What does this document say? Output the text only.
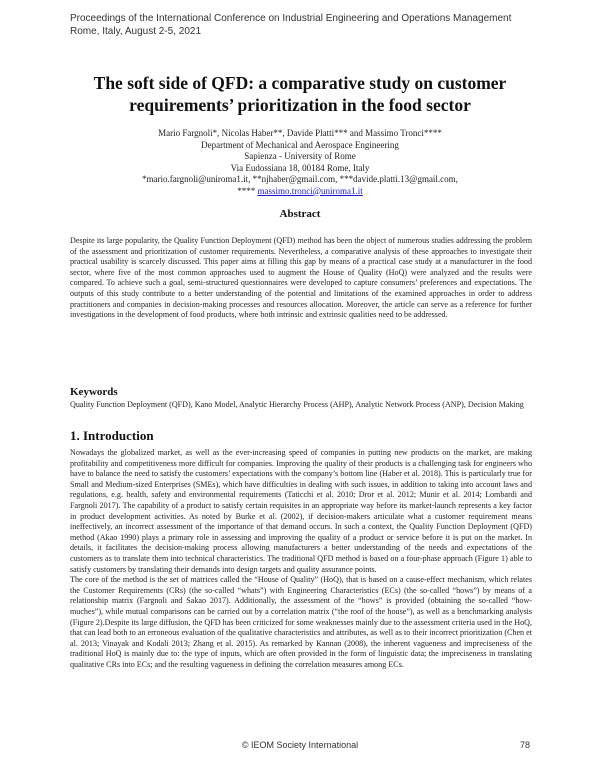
Proceedings of the International Conference on Industrial Engineering and Operations Management
Rome, Italy, August 2-5, 2021
The soft side of QFD: a comparative study on customer
requirements’ prioritization in the food sector
Mario Fargnoli*, Nicolas Haber**, Davide Platti*** and Massimo Tronci****
Department of Mechanical and Aerospace Engineering
Sapienza - University of Rome
Via Eudossiana 18, 00184 Rome, Italy
*mario.fargnoli@uniroma1.it, **njhaber@gmail.com, ***davide.platti.13@gmail.com,
**** massimo.tronci@uniroma1.it
Abstract

Despite its large popularity, the Quality Function Deployment (QFD) method has been the object of numerous studies addressing the problem of the assessment and prioritization of customer requirements. Nevertheless, a comparative analysis of these approaches to investigate their practical usability is scarcely discussed. This paper aims at filling this gap by means of a practical case study at a manufacturer in the food sector, where five of the most common approaches used to augment the House of Quality (HoQ) were analyzed and the results were compared. To achieve such a goal, semi-structured questionnaires were developed to capture consumers’ preferences and expectations. The outputs of this study contribute to a better understanding of the potential and limitations of the examined approaches in order to address practitioners and companies in decision-making processes and resources allocation. Moreover, the article can serve as a reference for further investigations in the development of food products, where both intrinsic and extrinsic qualities need to be addressed.

Keywords

Quality Function Deployment (QFD), Kano Model, Analytic Hierarchy Process (AHP), Analytic Network Process (ANP), Decision Making

1. Introduction

Nowadays the globalized market, as well as the ever-increasing speed of companies in putting new products on the market, are making profitability and competitiveness more difficult for companies. Improving the quality of their products is a challenging task for engineers who have to balance the need to satisfy the customers’ expectations with the company’s bottom line (Haber et al. 2018). This is particularly true for Small and Medium-sized Enterprises (SMEs), which have difficulties in dealing with such issues, in addition to taking into account laws and regulations, e.g. health, safety and environmental requirements (Taticchi et al. 2010; Dror et al. 2012; Munir et al. 2014; Lombardi and Fargnoli 2017). The capability of a product to satisfy certain requisites in an appropriate way before its market-launch represents a key factor in product development activities. As noted by Burke et al. (2002), if decision-makers articulate what a customer requirement means ineffectively, an incorrect assessment of the importance of that demand occurs. In such a context, the Quality Function Deployment (QFD) method (Akao 1990) plays a primary role in assessing and improving the quality of a product or service before it is put on the market. In details, it facilitates the decision-making process allowing manufacturers a better understanding of the needs and expectations of the customers as to translate them into technical characteristics. The traditional QFD method is based on a four-phase approach (Figure 1) able to satisfy customers by translating their demands into design targets and quality assurance points.

The core of the method is the set of matrices called the “House of Quality” (HoQ), that is based on a cause-effect mechanism, which relates the Customer Requirements (CRs) (the so-called “whats”) with Engineering Characteristics (ECs) (the so-called “hows”) by means of a relationship matrix (Fargnoli and Sakao 2017). Additionally, the assessment of the “hows” is provided (obtaining the so-called “how-muches”), while mutual comparisons can be carried out by a correlation matrix (“the roof of the house”), as well as a benchmarking analysis (Figure 2).Despite its large diffusion, the QFD has been criticized for some weaknesses mainly due to the assessment criteria used in the HoQ, that can lead both to an erroneous evaluation of the qualitative characteristics and attributes, as well as to their incorrect prioritization (Chen et al. 2013; Vinayak and Kodali 2013; Zhang et al. 2015). As remarked by Kannan (2008), the inherent vagueness and impreciseness of the traditional HoQ is mainly due to: the type of inputs, which are often provided in the form of linguistic data; the impreciseness in translating qualitative CRs into ECs; and the resulting vagueness in defining the correlation measures among ECs.

© IEOM Society International	78
